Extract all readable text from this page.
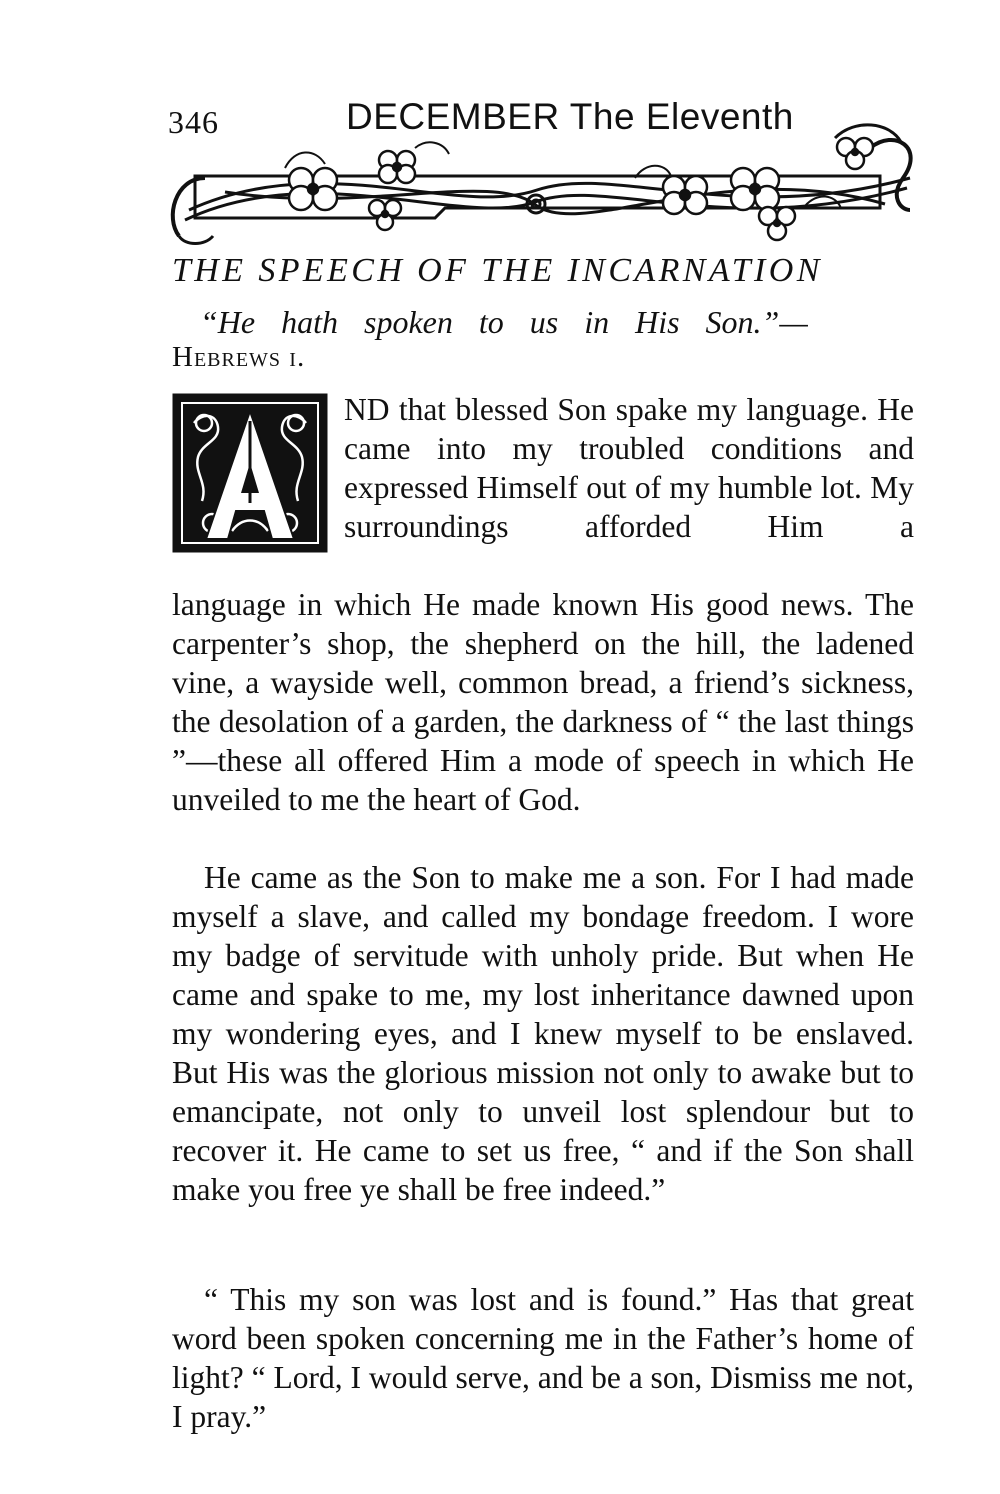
346	DECEMBER The Eleventh
THE SPEECH OF THE INCARNATION
“He hath spoken to us in His Son.”—
Hebrews i.
ND that blessed Son spake my language. He came into my troubled conditions and expressed Himself out of my humble lot. My surroundings afforded Him a
language in which He made known His good news. The carpenter’s shop, the shepherd on the hill, the ladened vine, a wayside well, common bread, a friend’s sickness, the desolation of a garden, the darkness of “ the last things ”—these all offered Him a mode of speech in which He unveiled to me the heart of God.
He came as the Son to make me a son. For I had made myself a slave, and called my bondage freedom. I wore my badge of servitude with unholy pride. But when He came and spake to me, my lost inheritance dawned upon my wondering eyes, and I knew myself to be enslaved. But His was the glorious mission not only to awake but to emancipate, not only to unveil lost splendour but to recover it. He came to set us free, “ and if the Son shall make you free ye shall be free indeed.”
“ This my son was lost and is found.” Has that great word been spoken concerning me in the Father’s home of light? “ Lord, I would serve, and be a son, Dismiss me not, I pray.”
